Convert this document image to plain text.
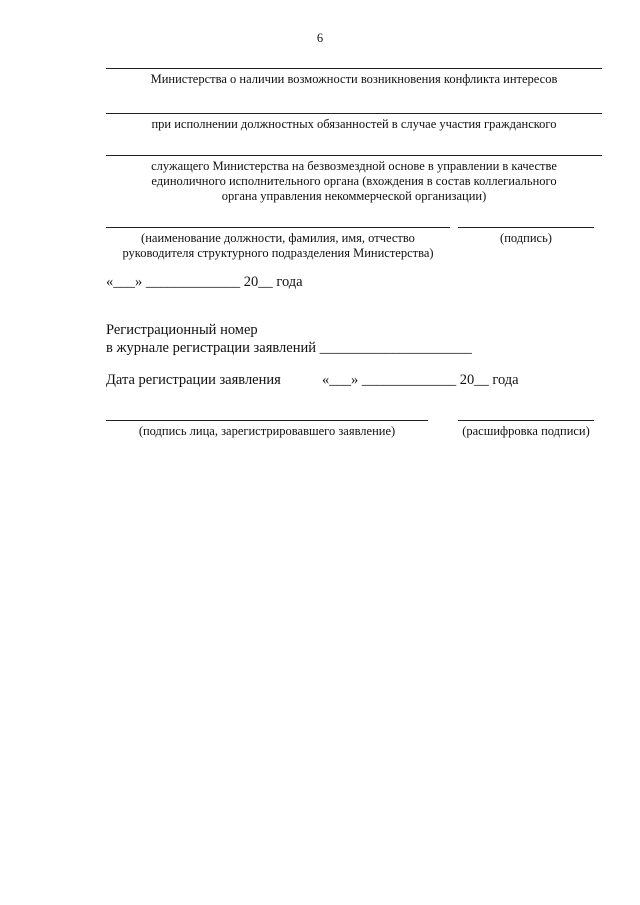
6
Министерства о наличии возможности возникновения конфликта интересов
при исполнении должностных обязанностей в случае участия гражданского
служащего Министерства на безвозмездной основе в управлении в качестве
единоличного исполнительного органа (вхождения в состав коллегиального
органа управления некоммерческой организации)
(наименование должности, фамилия, имя, отчество
руководителя структурного подразделения Министерства)
(подпись)
«___» _____________ 20__ года
Регистрационный номер
в журнале регистрации заявлений _____________________
Дата регистрации заявления	«___» _____________ 20__ года
(подпись лица, зарегистрировавшего заявление)	(расшифровка подписи)
